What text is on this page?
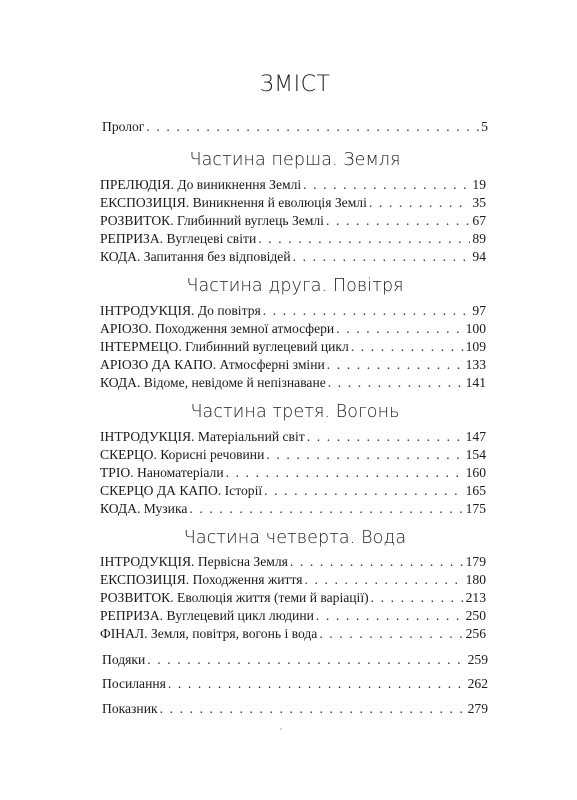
ЗМІСТ
Пролог . . .	5
Частина перша. Земля
ПРЕЛЮДІЯ. До виникнення Землі . . .	19
ЕКСПОЗИЦІЯ. Виникнення й еволюція Землі . . .	35
РОЗВИТОК. Глибинний вуглець Землі . . .	67
РЕПРИЗА. Вуглецеві світи . . .	89
КОДА. Запитання без відповідей . . .	94
Частина друга. Повітря
ІНТРОДУКЦІЯ. До повітря . . .	97
АРІОЗО. Походження земної атмосфери . . .	100
ІНТЕРМЕЦО. Глибинний вуглецевий цикл . . .	109
АРІОЗО ДА КАПО. Атмосферні зміни . . .	133
КОДА. Відоме, невідоме й непізнаване . . .	141
Частина третя. Вогонь
ІНТРОДУКЦІЯ. Матеріальний світ . . .	147
СКЕРЦО. Корисні речовини . . .	154
ТРІО. Наноматеріали . . .	160
СКЕРЦО ДА КАПО. Історії . . .	165
КОДА. Музика . . .	175
Частина четверта. Вода
ІНТРОДУКЦІЯ. Первісна Земля . . .	179
ЕКСПОЗИЦІЯ. Походження життя . . .	180
РОЗВИТОК. Еволюція життя (теми й варіації) . . .	213
РЕПРИЗА. Вуглецевий цикл людини . . .	250
ФІНАЛ. Земля, повітря, вогонь і вода . . .	256
Подяки . . .	259
Посилання . . .	262
Показник . . .	279
